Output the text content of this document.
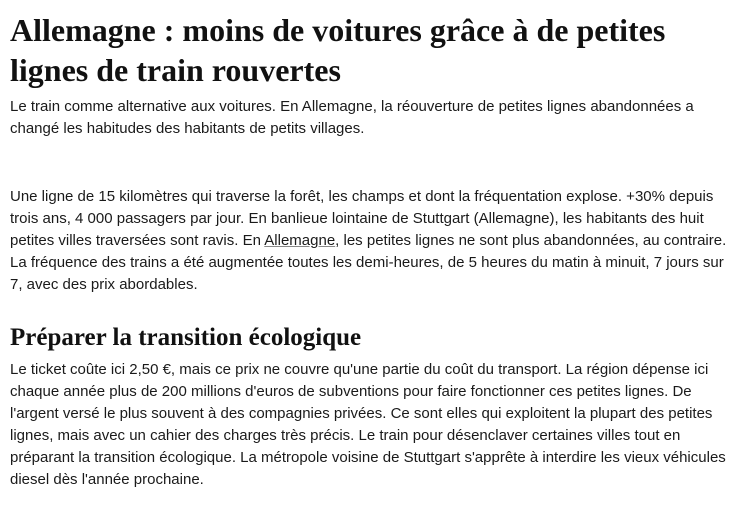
Allemagne : moins de voitures grâce à de petites lignes de train rouvertes

Le train comme alternative aux voitures. En Allemagne, la réouverture de petites lignes abandonnées a changé les habitudes des habitants de petits villages.

Une ligne de 15 kilomètres qui traverse la forêt, les champs et dont la fréquentation explose. +30% depuis trois ans, 4 000 passagers par jour. En banlieue lointaine de Stuttgart (Allemagne), les habitants des huit petites villes traversées sont ravis. En Allemagne, les petites lignes ne sont plus abandonnées, au contraire. La fréquence des trains a été augmentée toutes les demi-heures, de 5 heures du matin à minuit, 7 jours sur 7, avec des prix abordables.

Préparer la transition écologique

Le ticket coûte ici 2,50 €, mais ce prix ne couvre qu'une partie du coût du transport. La région dépense ici chaque année plus de 200 millions d'euros de subventions pour faire fonctionner ces petites lignes. De l'argent versé le plus souvent à des compagnies privées. Ce sont elles qui exploitent la plupart des petites lignes, mais avec un cahier des charges très précis. Le train pour désenclaver certaines villes tout en préparant la transition écologique. La métropole voisine de Stuttgart s'apprête à interdire les vieux véhicules diesel dès l'année prochaine.
